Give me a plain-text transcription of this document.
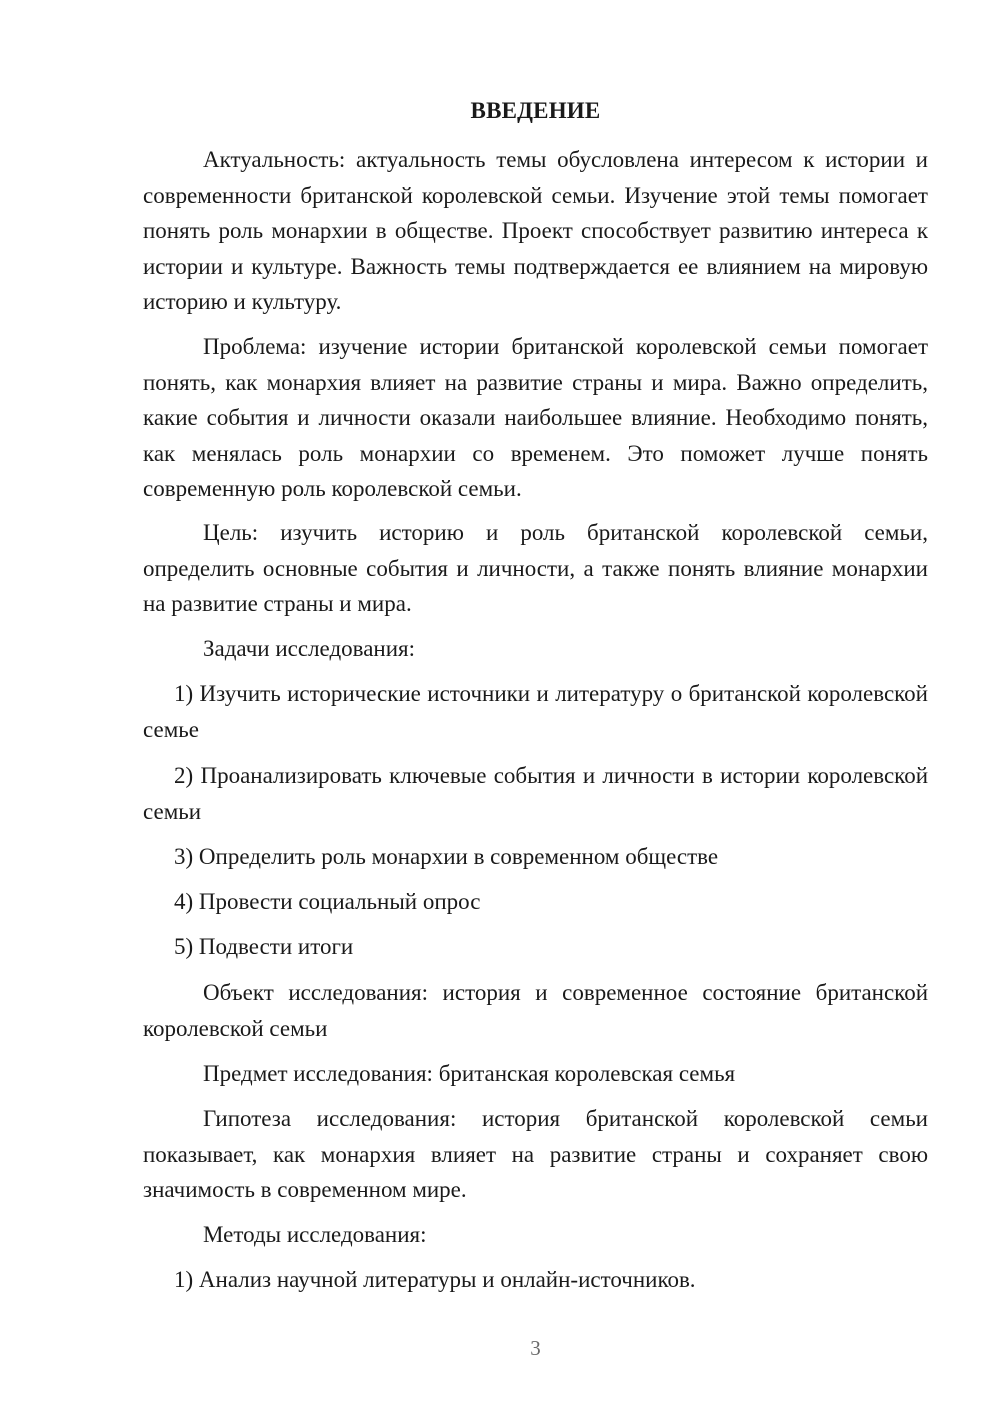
ВВЕДЕНИЕ

Актуальность: актуальность темы обусловлена интересом к истории и современности британской королевской семьи. Изучение этой темы помогает понять роль монархии в обществе. Проект способствует развитию интереса к истории и культуре. Важность темы подтверждается ее влиянием на мировую историю и культуру.

Проблема: изучение истории британской королевской семьи помогает понять, как монархия влияет на развитие страны и мира. Важно определить, какие события и личности оказали наибольшее влияние. Необходимо понять, как менялась роль монархии со временем. Это поможет лучше понять современную роль королевской семьи.

Цель: изучить историю и роль британской королевской семьи, определить основные события и личности, а также понять влияние монархии на развитие страны и мира.

Задачи исследования:

1) Изучить исторические источники и литературу о британской королевской семье

2) Проанализировать ключевые события и личности в истории королевской семьи

3) Определить роль монархии в современном обществе

4) Провести социальный опрос

5) Подвести итоги

Объект исследования: история и современное состояние британской королевской семьи

Предмет исследования: британская королевская семья

Гипотеза исследования: история британской королевской семьи показывает, как монархия влияет на развитие страны и сохраняет свою значимость в современном мире.

Методы исследования:

1) Анализ научной литературы и онлайн-источников.

3
